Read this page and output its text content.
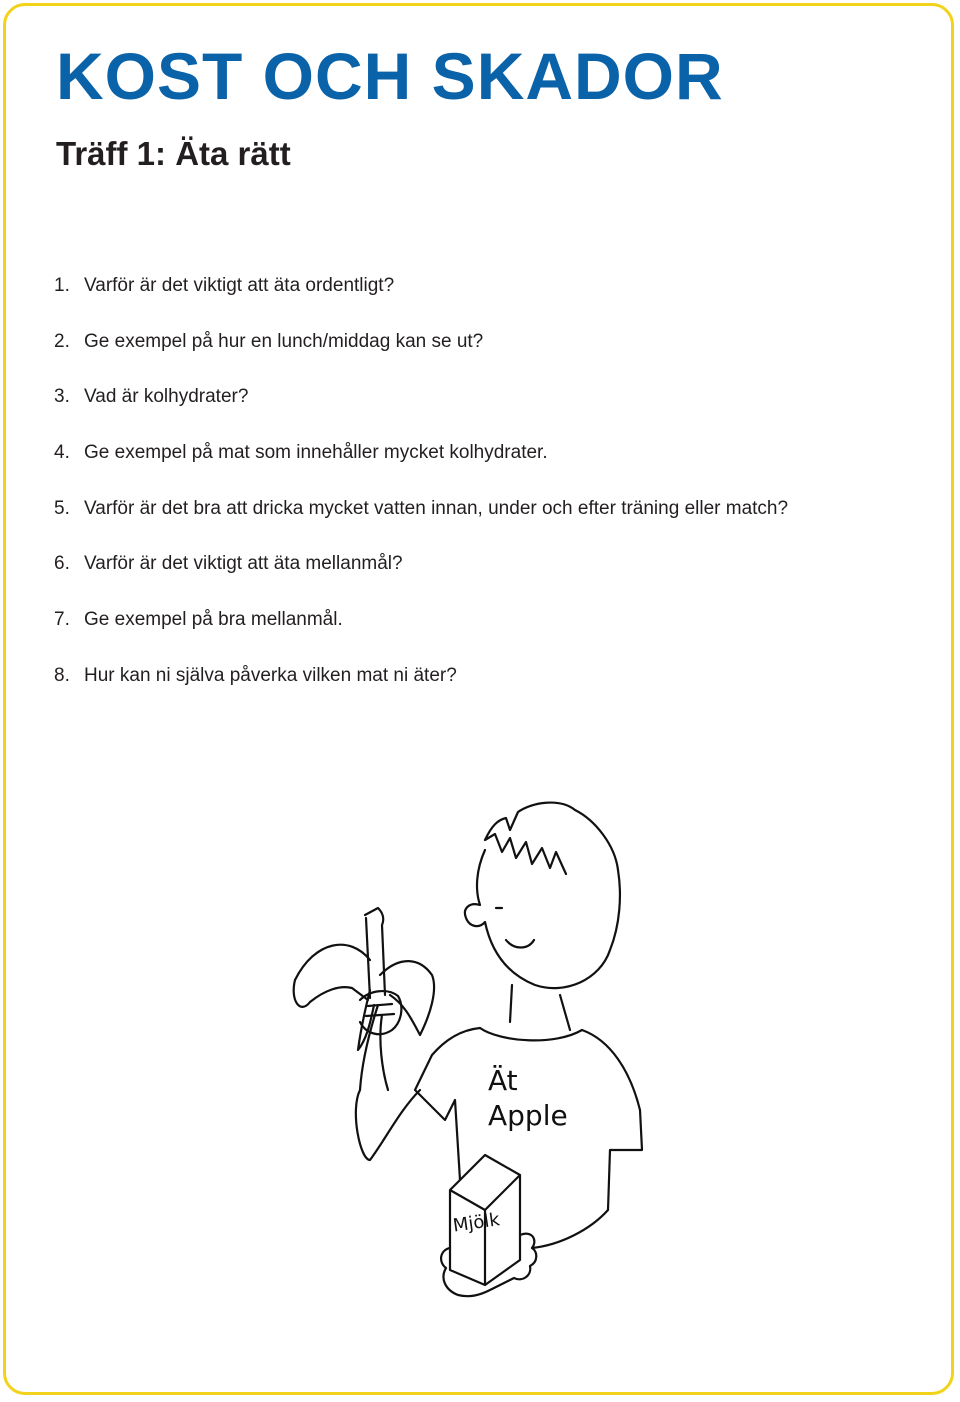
KOST OCH SKADOR
Träff 1: Äta rätt
1. Varför är det viktigt att äta ordentligt?
2. Ge exempel på hur en lunch/middag kan se ut?
3. Vad är kolhydrater?
4. Ge exempel på mat som innehåller mycket kolhydrater.
5. Varför är det bra att dricka mycket vatten innan, under och efter träning eller match?
6. Varför är det viktigt att äta mellanmål?
7. Ge exempel på bra mellanmål.
8. Hur kan ni själva påverka vilken mat ni äter?
Ät
Apple
Mjölk
